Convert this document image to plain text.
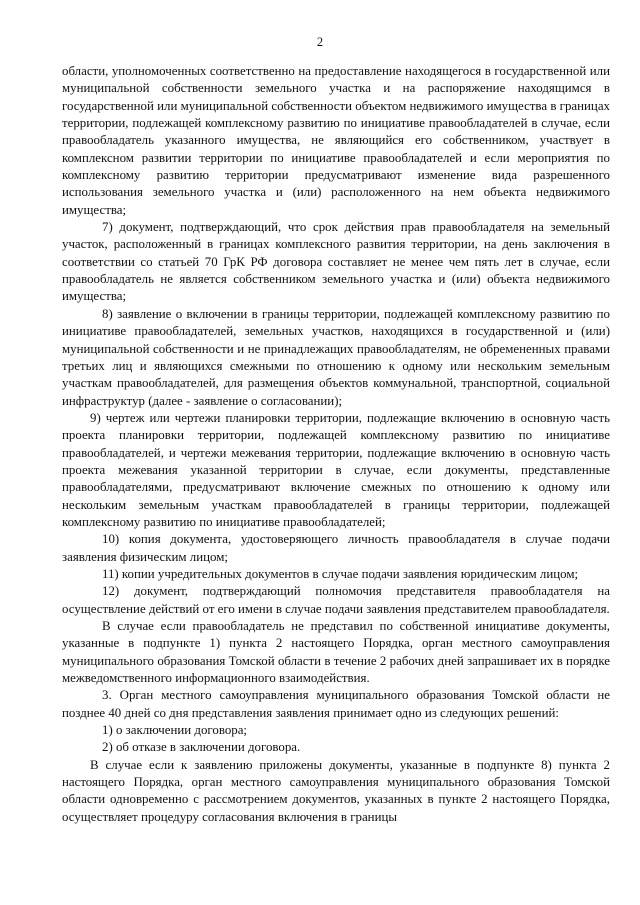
2

области, уполномоченных соответственно на предоставление находящегося в государственной или муниципальной собственности земельного участка и на распоряжение находящимся в государственной или муниципальной собственности объектом недвижимого имущества в границах территории, подлежащей комплексному развитию по инициативе правообладателей в случае, если правообладатель указанного имущества, не являющийся его собственником, участвует в комплексном развитии территории по инициативе правообладателей и если мероприятия по комплексному развитию территории предусматривают изменение вида разрешенного использования земельного участка и (или) расположенного на нем объекта недвижимого имущества;

7) документ, подтверждающий, что срок действия прав правообладателя на земельный участок, расположенный в границах комплексного развития территории, на день заключения в соответствии со статьей 70 ГрК РФ договора составляет не менее чем пять лет в случае, если правообладатель не является собственником земельного участка и (или) объекта недвижимого имущества;

8) заявление о включении в границы территории, подлежащей комплексному развитию по инициативе правообладателей, земельных участков, находящихся в государственной и (или) муниципальной собственности и не принадлежащих правообладателям, не обремененных правами третьих лиц и являющихся смежными по отношению к одному или нескольким земельным участкам правообладателей, для размещения объектов коммунальной, транспортной, социальной инфраструктур (далее - заявление о согласовании);

9) чертеж или чертежи планировки территории, подлежащие включению в основную часть проекта планировки территории, подлежащей комплексному развитию по инициативе правообладателей, и чертежи межевания территории, подлежащие включению в основную часть проекта межевания указанной территории в случае, если документы, представленные правообладателями, предусматривают включение смежных по отношению к одному или нескольким земельным участкам правообладателей в границы территории, подлежащей комплексному развитию по инициативе правообладателей;

10) копия документа, удостоверяющего личность правообладателя в случае подачи заявления физическим лицом;

11) копии учредительных документов в случае подачи заявления юридическим лицом;

12) документ, подтверждающий полномочия представителя правообладателя на осуществление действий от его имени в случае подачи заявления представителем правообладателя.

В случае если правообладатель не представил по собственной инициативе документы, указанные в подпункте 1) пункта 2 настоящего Порядка, орган местного самоуправления муниципального образования Томской области в течение 2 рабочих дней запрашивает их в порядке межведомственного информационного взаимодействия.

3. Орган местного самоуправления муниципального образования Томской области не позднее 40 дней со дня представления заявления принимает одно из следующих решений:

1) о заключении договора;

2) об отказе в заключении договора.

В случае если к заявлению приложены документы, указанные в подпункте 8) пункта 2 настоящего Порядка, орган местного самоуправления муниципального образования Томской области одновременно с рассмотрением документов, указанных в пункте 2 настоящего Порядка, осуществляет процедуру согласования включения в границы
